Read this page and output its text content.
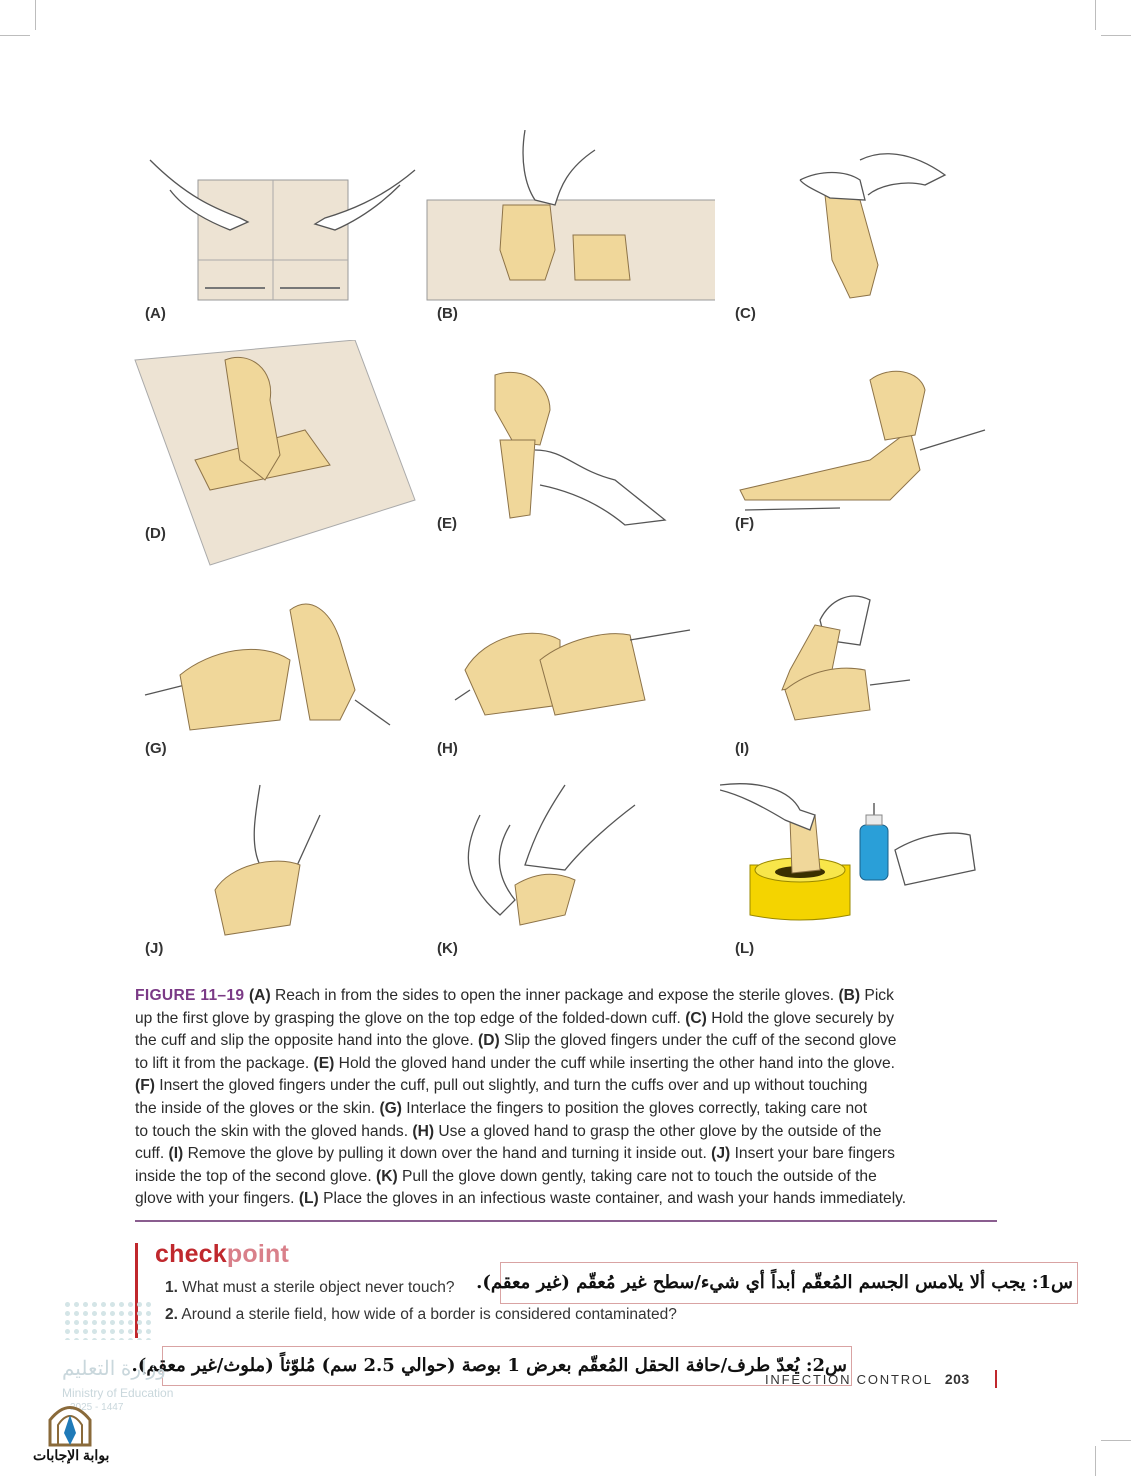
(A)	(B)	(C)
(D)
(E)	(F)
(G)	(H)	(I)
(J)	(K)	(L)
FIGURE 11–19 (A) Reach in from the sides to open the inner package and expose the sterile gloves. (B) Pick
up the first glove by grasping the glove on the top edge of the folded-down cuff. (C) Hold the glove securely by
the cuff and slip the opposite hand into the glove. (D) Slip the gloved fingers under the cuff of the second glove
to lift it from the package. (E) Hold the gloved hand under the cuff while inserting the other hand into the glove.
(F) Insert the gloved fingers under the cuff, pull out slightly, and turn the cuffs over and up without touching
the inside of the gloves or the skin. (G) Interlace the fingers to position the gloves correctly, taking care not
to touch the skin with the gloved hands. (H) Use a gloved hand to grasp the other glove by the outside of the
cuff. (I) Remove the glove by pulling it down over the hand and turning it inside out. (J) Insert your bare fingers
inside the top of the second glove. (K) Pull the glove down gently, taking care not to touch the outside of the
glove with your fingers. (L) Place the gloves in an infectious waste container, and wash your hands immediately.
checkpoint
1. What must a sterile object never touch?
2. Around a sterile field, how wide of a border is considered contaminated?
س1: يجب ألا يلامس الجسم المُعقّم أبداً أي شيء/سطح غير مُعقّم (غير معقم).
س2: يُعدّ طرف/حافة الحقل المُعقّم بعرض 1 بوصة (حوالي 2.5 سم) مُلوّثاً (ملوث/غير معقم).
INFECTION CONTROL 203
وزارة التعليم
Ministry of Education
2025 - 1447
بوابة الإجابات
